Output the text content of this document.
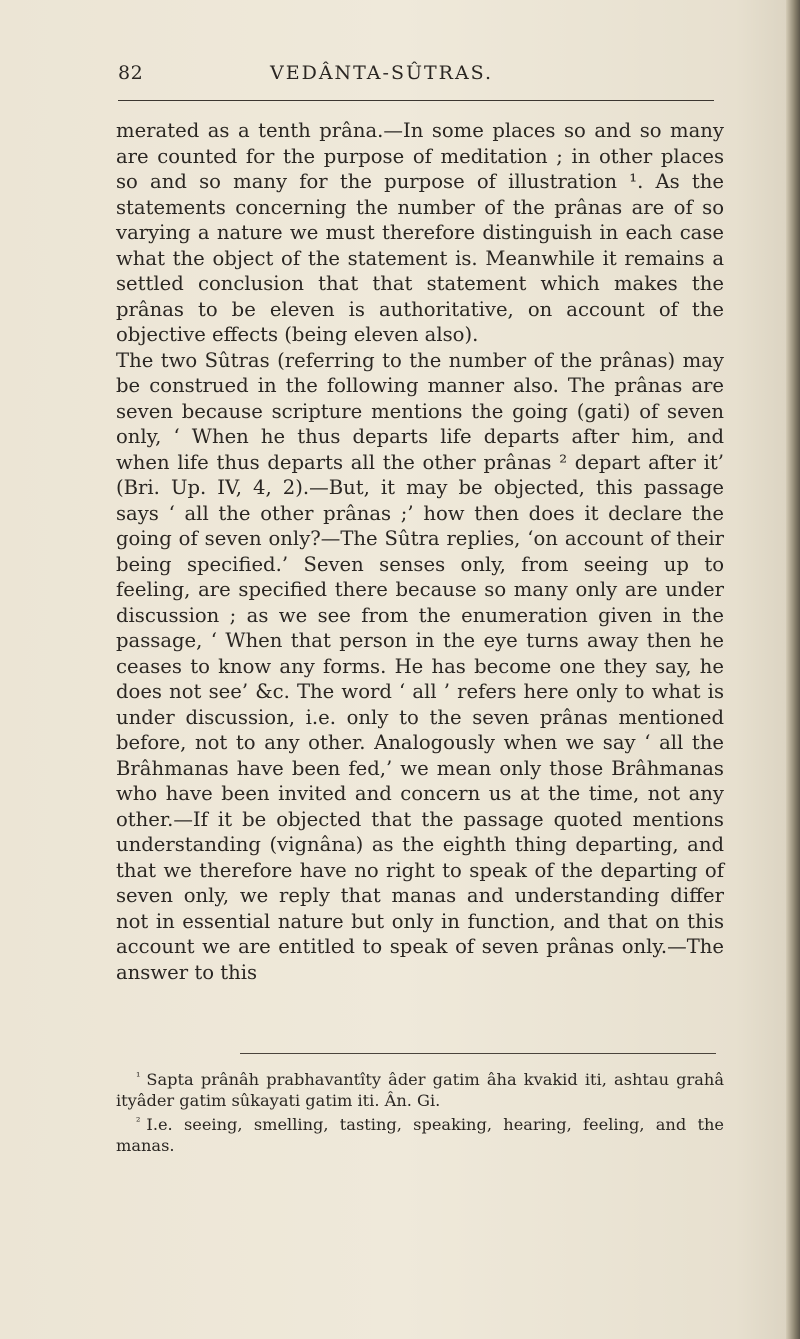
82	VEDÂNTA-SÛTRAS.

merated as a tenth prâna.—In some places so and so many are counted for the purpose of meditation ; in other places so and so many for the purpose of illustration ¹. As the statements concerning the number of the prânas are of so varying a nature we must therefore distinguish in each case what the object of the statement is. Meanwhile it remains a settled conclusion that that statement which makes the prânas to be eleven is authoritative, on account of the objective effects (being eleven also).

The two Sûtras (referring to the number of the prânas) may be construed in the following manner also. The prânas are seven because scripture mentions the going (gati) of seven only, ‘ When he thus departs life departs after him, and when life thus departs all the other prânas ² depart after it’ (Bri. Up. IV, 4, 2).—But, it may be objected, this passage says ‘ all the other prânas ;’ how then does it declare the going of seven only?—The Sûtra replies, ‘on account of their being specified.’ Seven senses only, from seeing up to feeling, are specified there because so many only are under discussion ; as we see from the enumeration given in the passage, ‘ When that person in the eye turns away then he ceases to know any forms. He has become one they say, he does not see’ &c. The word ‘ all ’ refers here only to what is under discussion, i.e. only to the seven prânas mentioned before, not to any other. Analogously when we say ‘ all the Brâhmanas have been fed,’ we mean only those Brâhmanas who have been invited and concern us at the time, not any other.—If it be objected that the passage quoted mentions understanding (vignâna) as the eighth thing departing, and that we therefore have no right to speak of the departing of seven only, we reply that manas and understanding differ not in essential nature but only in function, and that on this account we are entitled to speak of seven prânas only.—The answer to this

$^{^1}$ Sapta prânâh prabhavantîty âder gatim âha kvakid iti, ashtau grahâ ityâder gatim sûkayati gatim iti. Ân. Gi.

$^{^2}$ I.e. seeing, smelling, tasting, speaking, hearing, feeling, and the manas.
